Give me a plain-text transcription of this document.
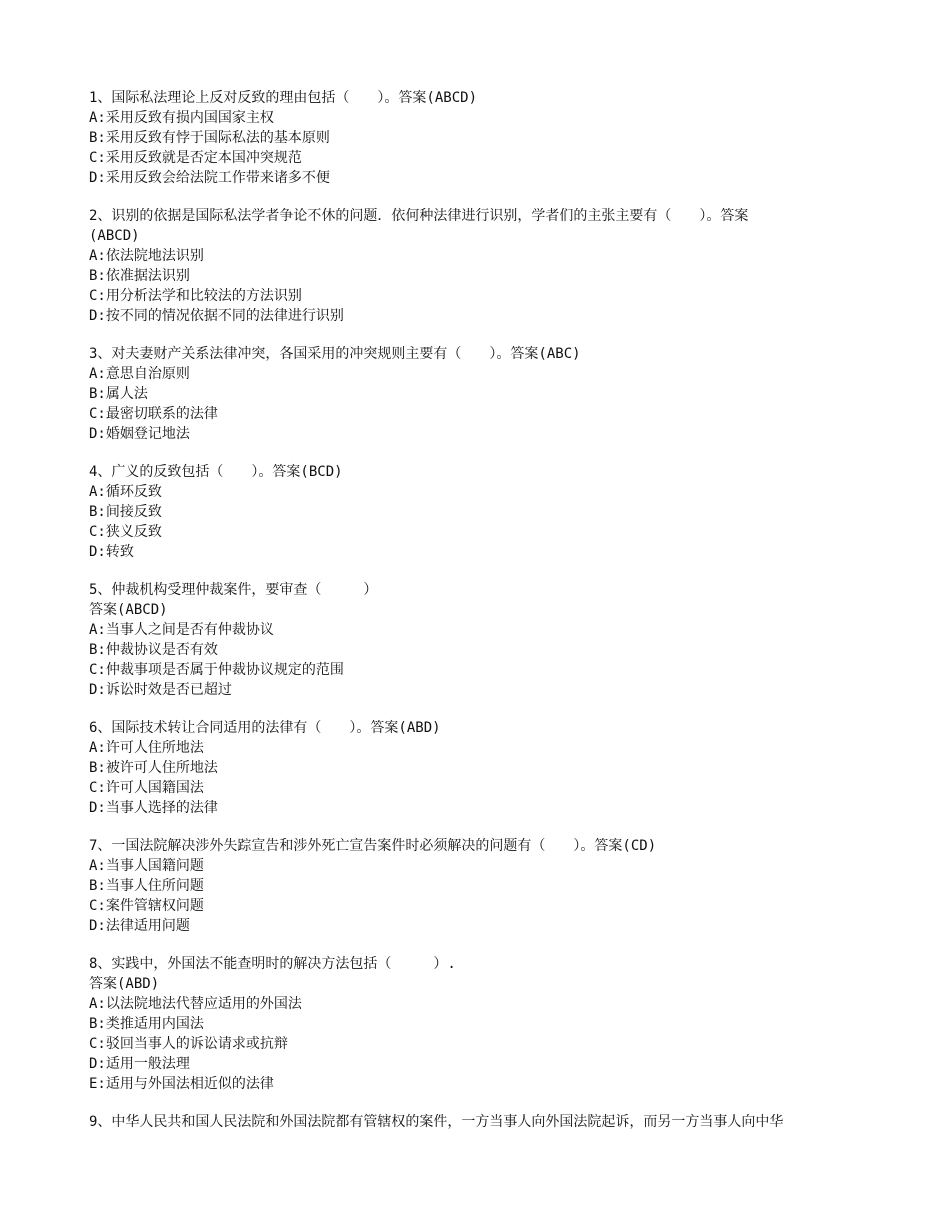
1、国际私法理论上反对反致的理由包括（　　）。答案(ABCD)
A:采用反致有损内国国家主权
B:采用反致有悖于国际私法的基本原则
C:采用反致就是否定本国冲突规范
D:采用反致会给法院工作带来诸多不便
2、识别的依据是国际私法学者争论不休的问题．依何种法律进行识别，学者们的主张主要有（　　）。答案
(ABCD)
A:依法院地法识别
B:依准据法识别
C:用分析法学和比较法的方法识别
D:按不同的情况依据不同的法律进行识别
3、对夫妻财产关系法律冲突，各国采用的冲突规则主要有（　　）。答案(ABC)
A:意思自治原则
B:属人法
C:最密切联系的法律
D:婚姻登记地法
4、广义的反致包括（　　）。答案(BCD)
A:循环反致
B:间接反致
C:狭义反致
D:转致
5、仲裁机构受理仲裁案件，要审查（　　　）
答案(ABCD)
A:当事人之间是否有仲裁协议
B:仲裁协议是否有效
C:仲裁事项是否属于仲裁协议规定的范围
D:诉讼时效是否已超过
6、国际技术转让合同适用的法律有（　　）。答案(ABD)
A:许可人住所地法
B:被许可人住所地法
C:许可人国籍国法
D:当事人选择的法律
7、一国法院解决涉外失踪宣告和涉外死亡宣告案件时必须解决的问题有（　　）。答案(CD)
A:当事人国籍问题
B:当事人住所问题
C:案件管辖权问题
D:法律适用问题
8、实践中，外国法不能查明时的解决方法包括（　　　）.
答案(ABD)
A:以法院地法代替应适用的外国法
B:类推适用内国法
C:驳回当事人的诉讼请求或抗辩
D:适用一般法理
E:适用与外国法相近似的法律
9、中华人民共和国人民法院和外国法院都有管辖权的案件，一方当事人向外国法院起诉，而另一方当事人向中华
